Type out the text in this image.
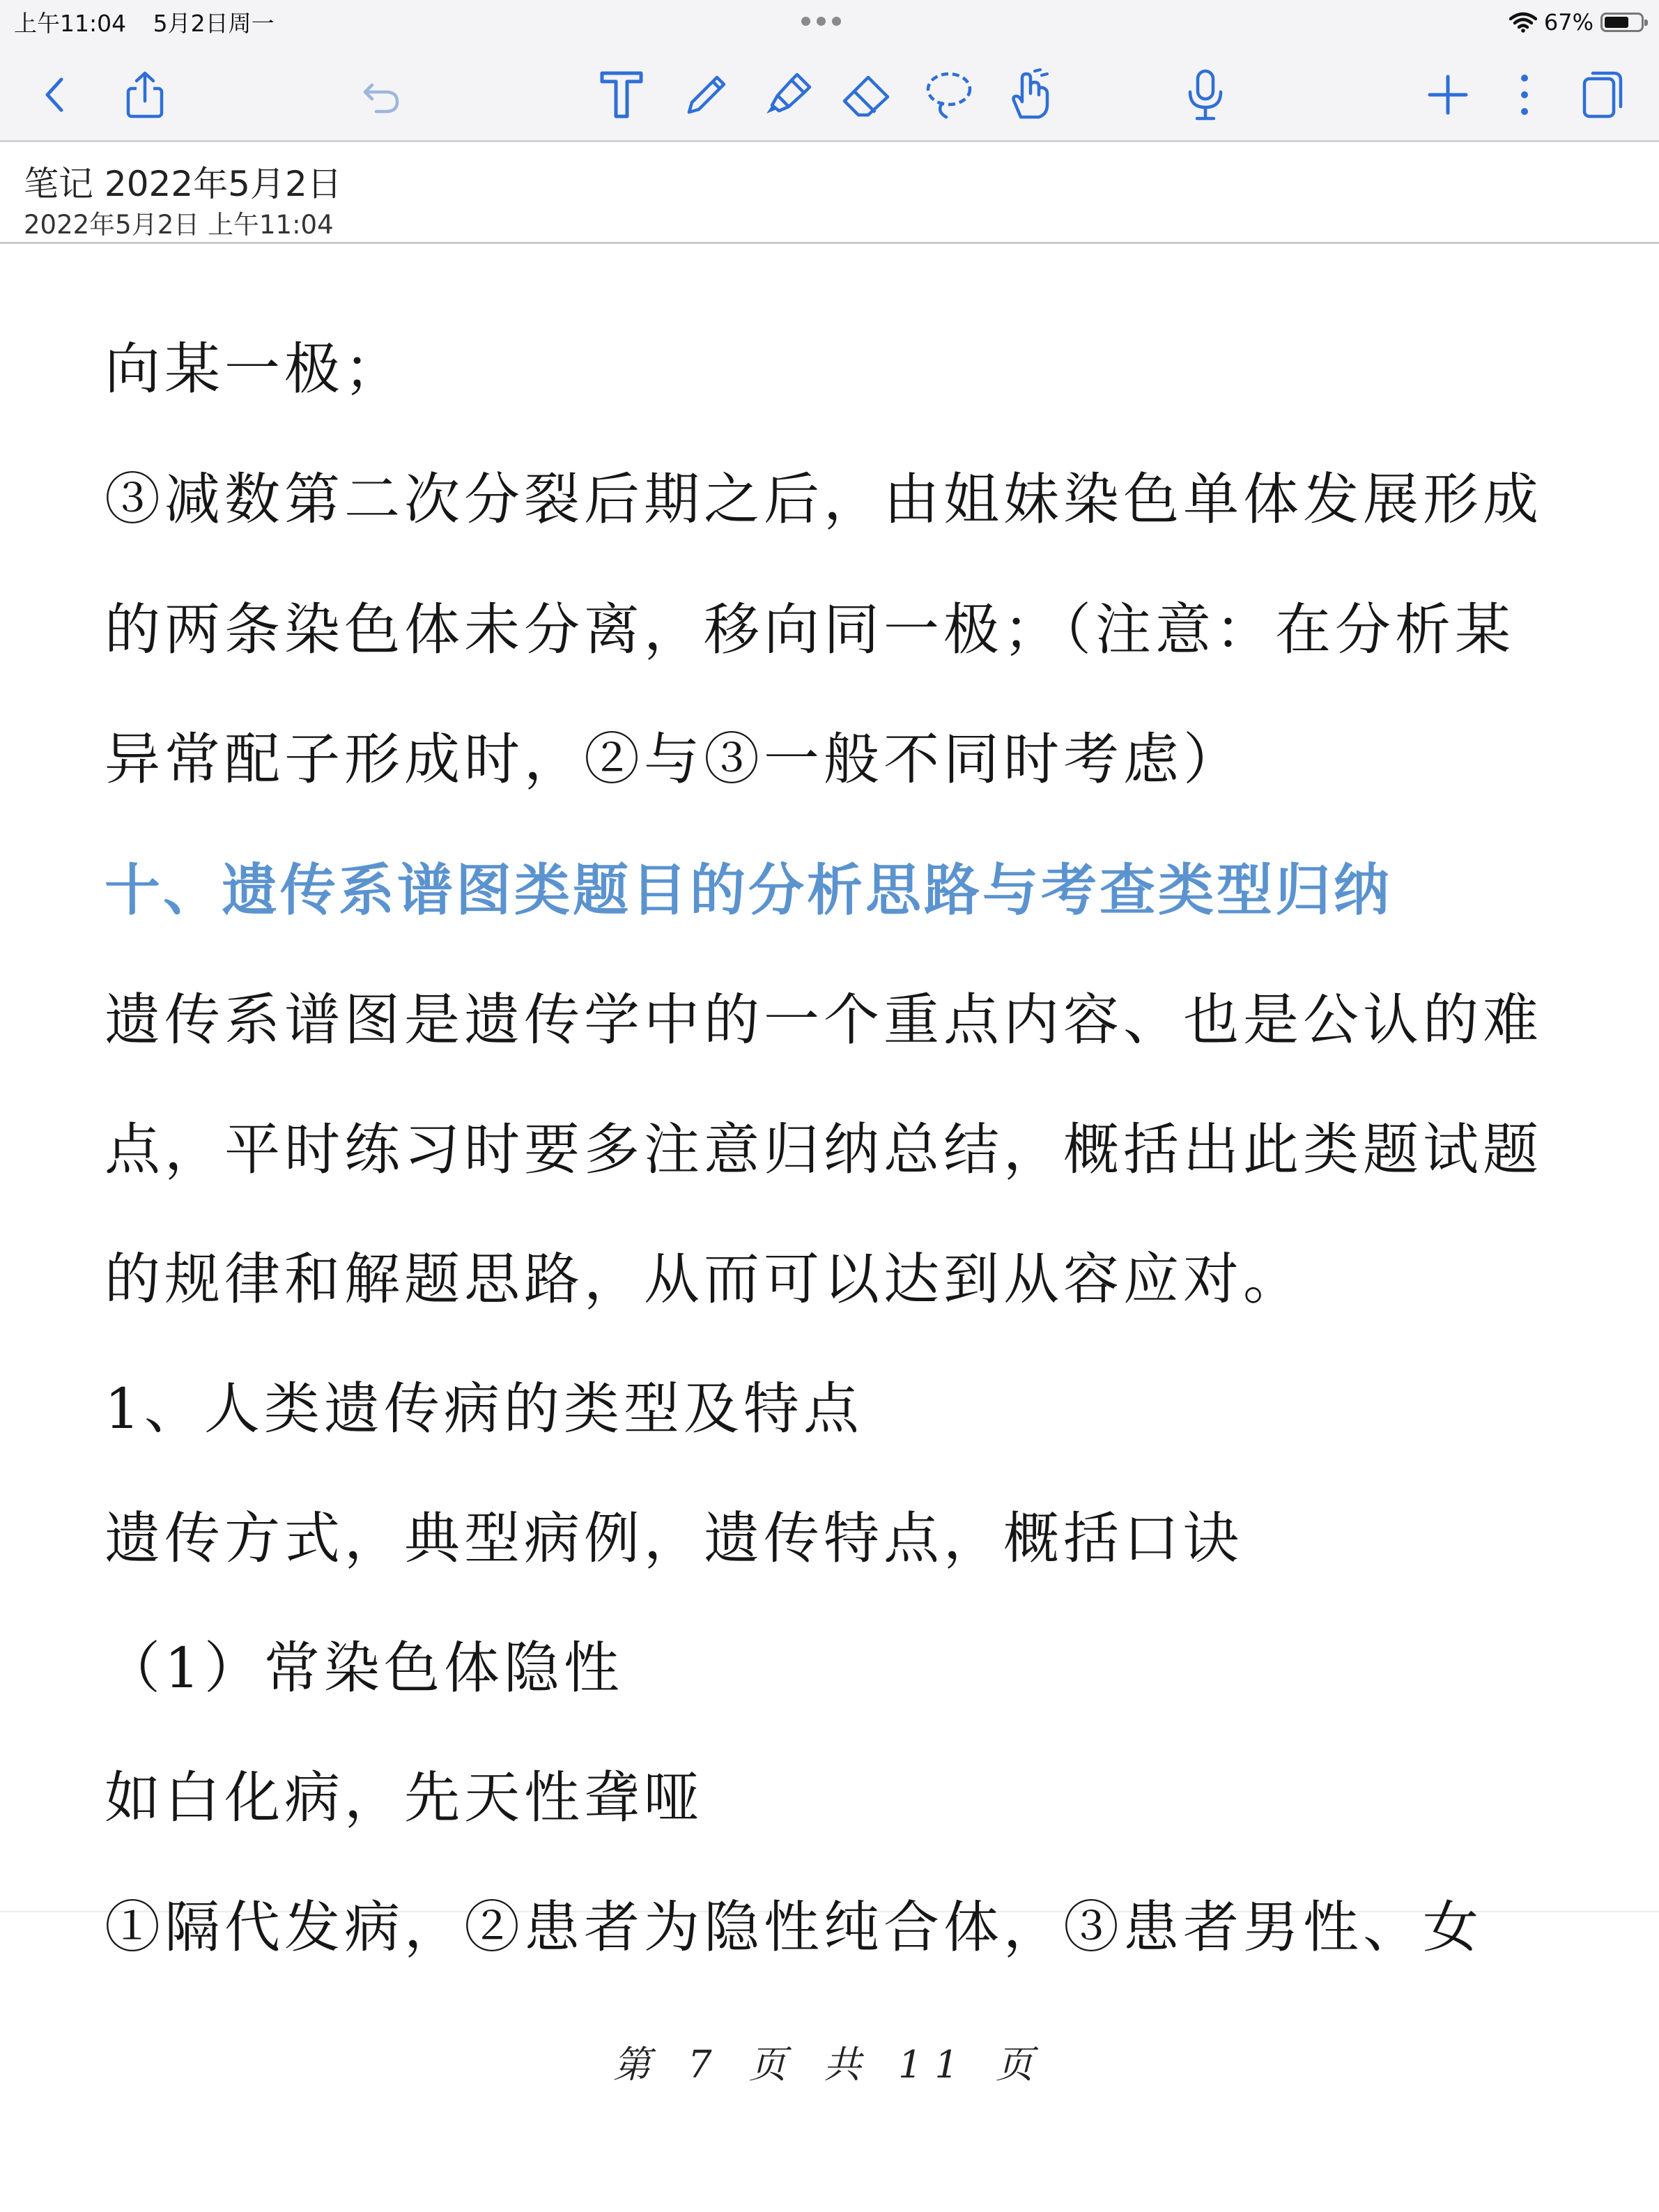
上午11:04 5月2日周一	67%
笔记 2022年5月2日
2022年5月2日 上午11:04
向某一极；
③减数第二次分裂后期之后，由姐妹染色单体发展形成
的两条染色体未分离，移向同一极；（注意：在分析某
异常配子形成时，②与③一般不同时考虑）
十、遗传系谱图类题目的分析思路与考查类型归纳
遗传系谱图是遗传学中的一个重点内容、也是公认的难
点，平时练习时要多注意归纳总结，概括出此类题试题
的规律和解题思路，从而可以达到从容应对。
1、人类遗传病的类型及特点
遗传方式，典型病例，遗传特点，概括口诀
（1）常染色体隐性
如白化病，先天性聋哑
①隔代发病，②患者为隐性纯合体，③患者男性、女
第 7 页 共 11 页
